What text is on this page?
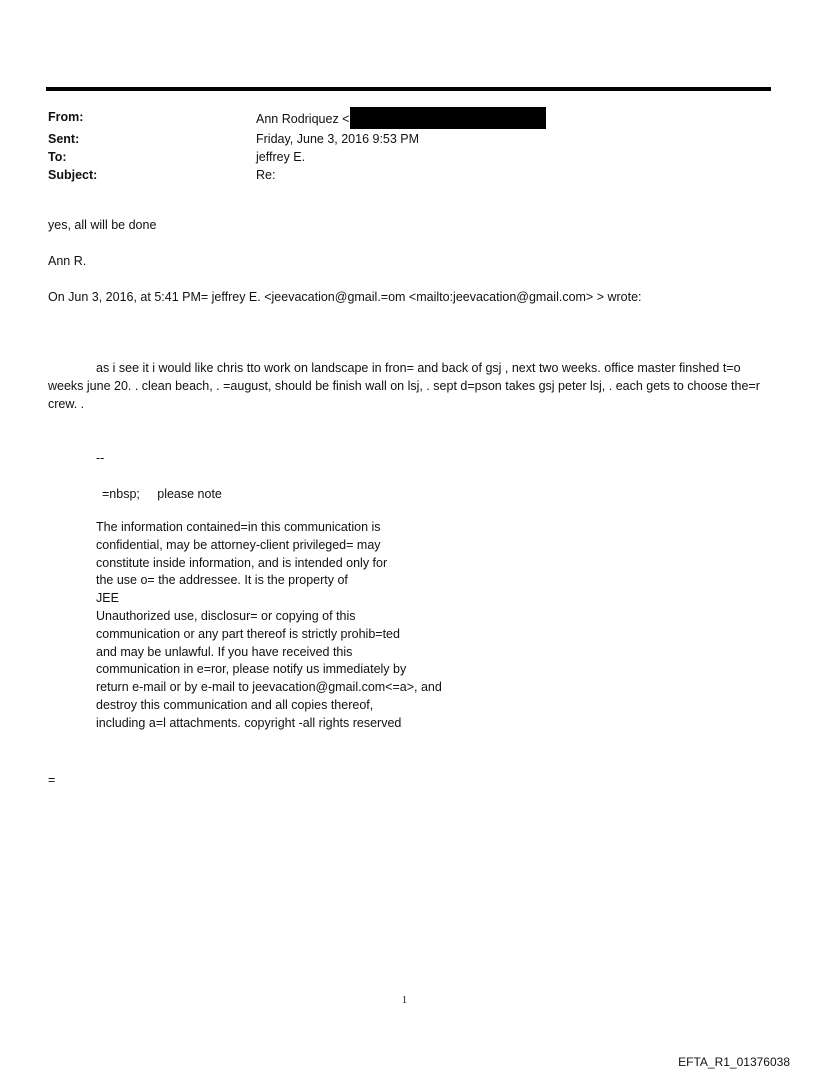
From:	Ann Rodriquez <
Sent:	Friday, June 3, 2016 9:53 PM
To:	jeffrey E.
Subject:	Re:
yes, all will be done
Ann R.
On Jun 3, 2016, at 5:41 PM= jeffrey E. <jeevacation@gmail.=om <mailto:jeevacation@gmail.com> > wrote:
as i see it i would like chris tto work on landscape in fron= and back of gsj , next two weeks. office master finshed t=o weeks june 20. . clean beach, . =august, should be finish wall on lsj, . sept d=pson takes gsj peter lsj, . each gets to choose the=r crew. .
--
=nbsp;     please note
The information contained=in this communication is
confidential, may be attorney-client privileged= may
constitute inside information, and is intended only for
the use o= the addressee. It is the property of
JEE
Unauthorized use, disclosur= or copying of this
communication or any part thereof is strictly prohib=ted
and may be unlawful. If you have received this
communication in e=ror, please notify us immediately by
return e-mail or by e-mail to jeevacation@gmail.com<=a>, and
destroy this communication and all copies thereof,
including a=l attachments. copyright -all rights reserved
=
1
EFTA_R1_01376038
